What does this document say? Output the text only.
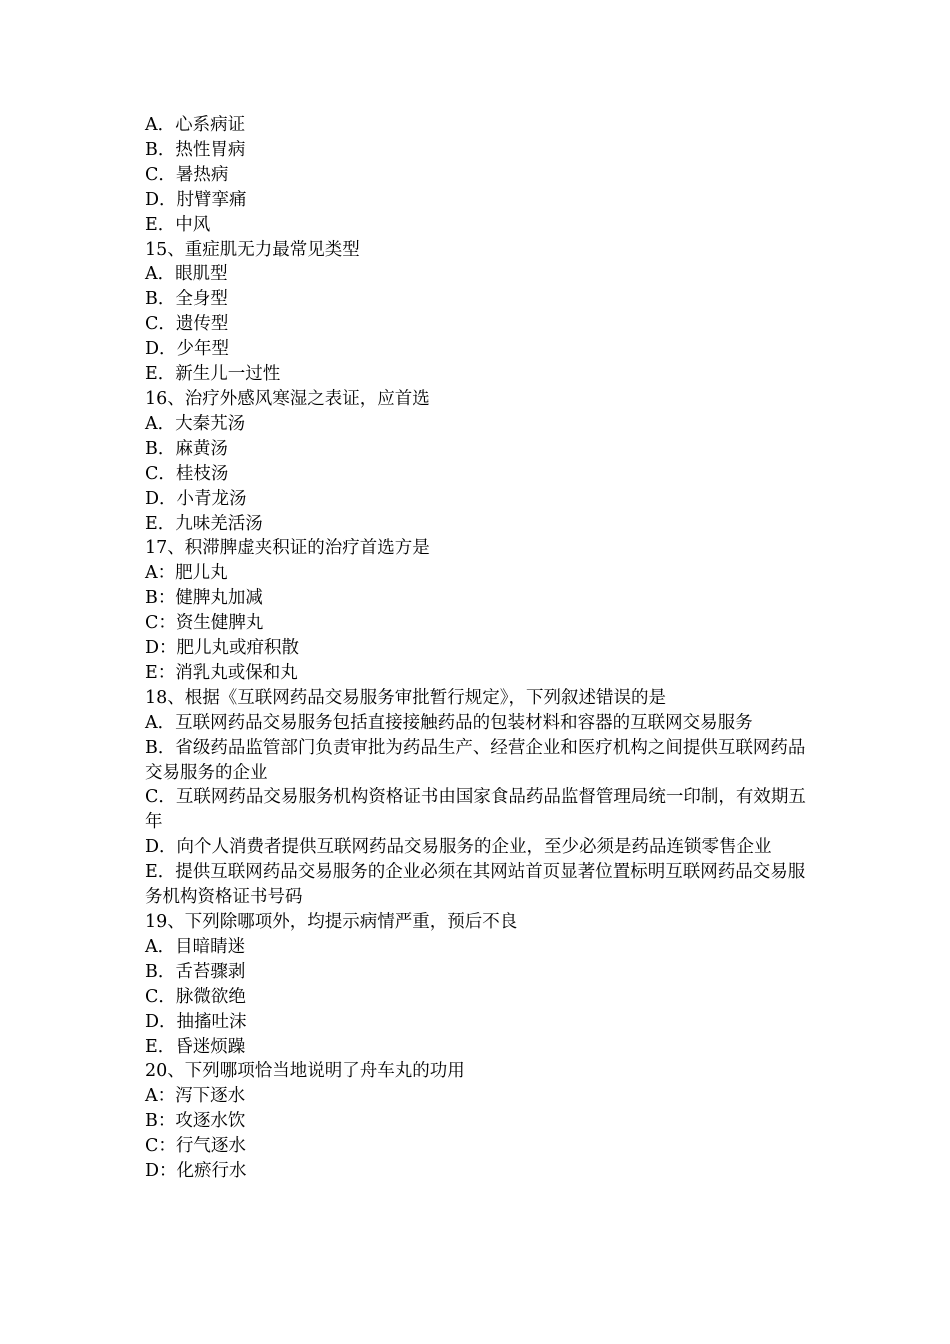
A．心系病证
B．热性胃病
C．暑热病
D．肘臂挛痛
E．中风
15、重症肌无力最常见类型
A．眼肌型
B．全身型
C．遗传型
D．少年型
E．新生儿一过性
16、治疗外感风寒湿之表证，应首选
A．大秦艽汤
B．麻黄汤
C．桂枝汤
D．小青龙汤
E．九味羌活汤
17、积滞脾虚夹积证的治疗首选方是
A：肥儿丸
B：健脾丸加减
C：资生健脾丸
D：肥儿丸或疳积散
E：消乳丸或保和丸
18、根据《互联网药品交易服务审批暂行规定》，下列叙述错误的是
A．互联网药品交易服务包括直接接触药品的包装材料和容器的互联网交易服务
B．省级药品监管部门负责审批为药品生产、经营企业和医疗机构之间提供互联网药品交易服务的企业
C．互联网药品交易服务机构资格证书由国家食品药品监督管理局统一印制，有效期五年
D．向个人消费者提供互联网药品交易服务的企业，至少必须是药品连锁零售企业
E．提供互联网药品交易服务的企业必须在其网站首页显著位置标明互联网药品交易服务机构资格证书号码
19、下列除哪项外，均提示病情严重，预后不良
A．目暗睛迷
B．舌苔骤剥
C．脉微欲绝
D．抽搐吐沫
E．昏迷烦躁
20、下列哪项恰当地说明了舟车丸的功用
A：泻下逐水
B：攻逐水饮
C：行气逐水
D：化瘀行水
